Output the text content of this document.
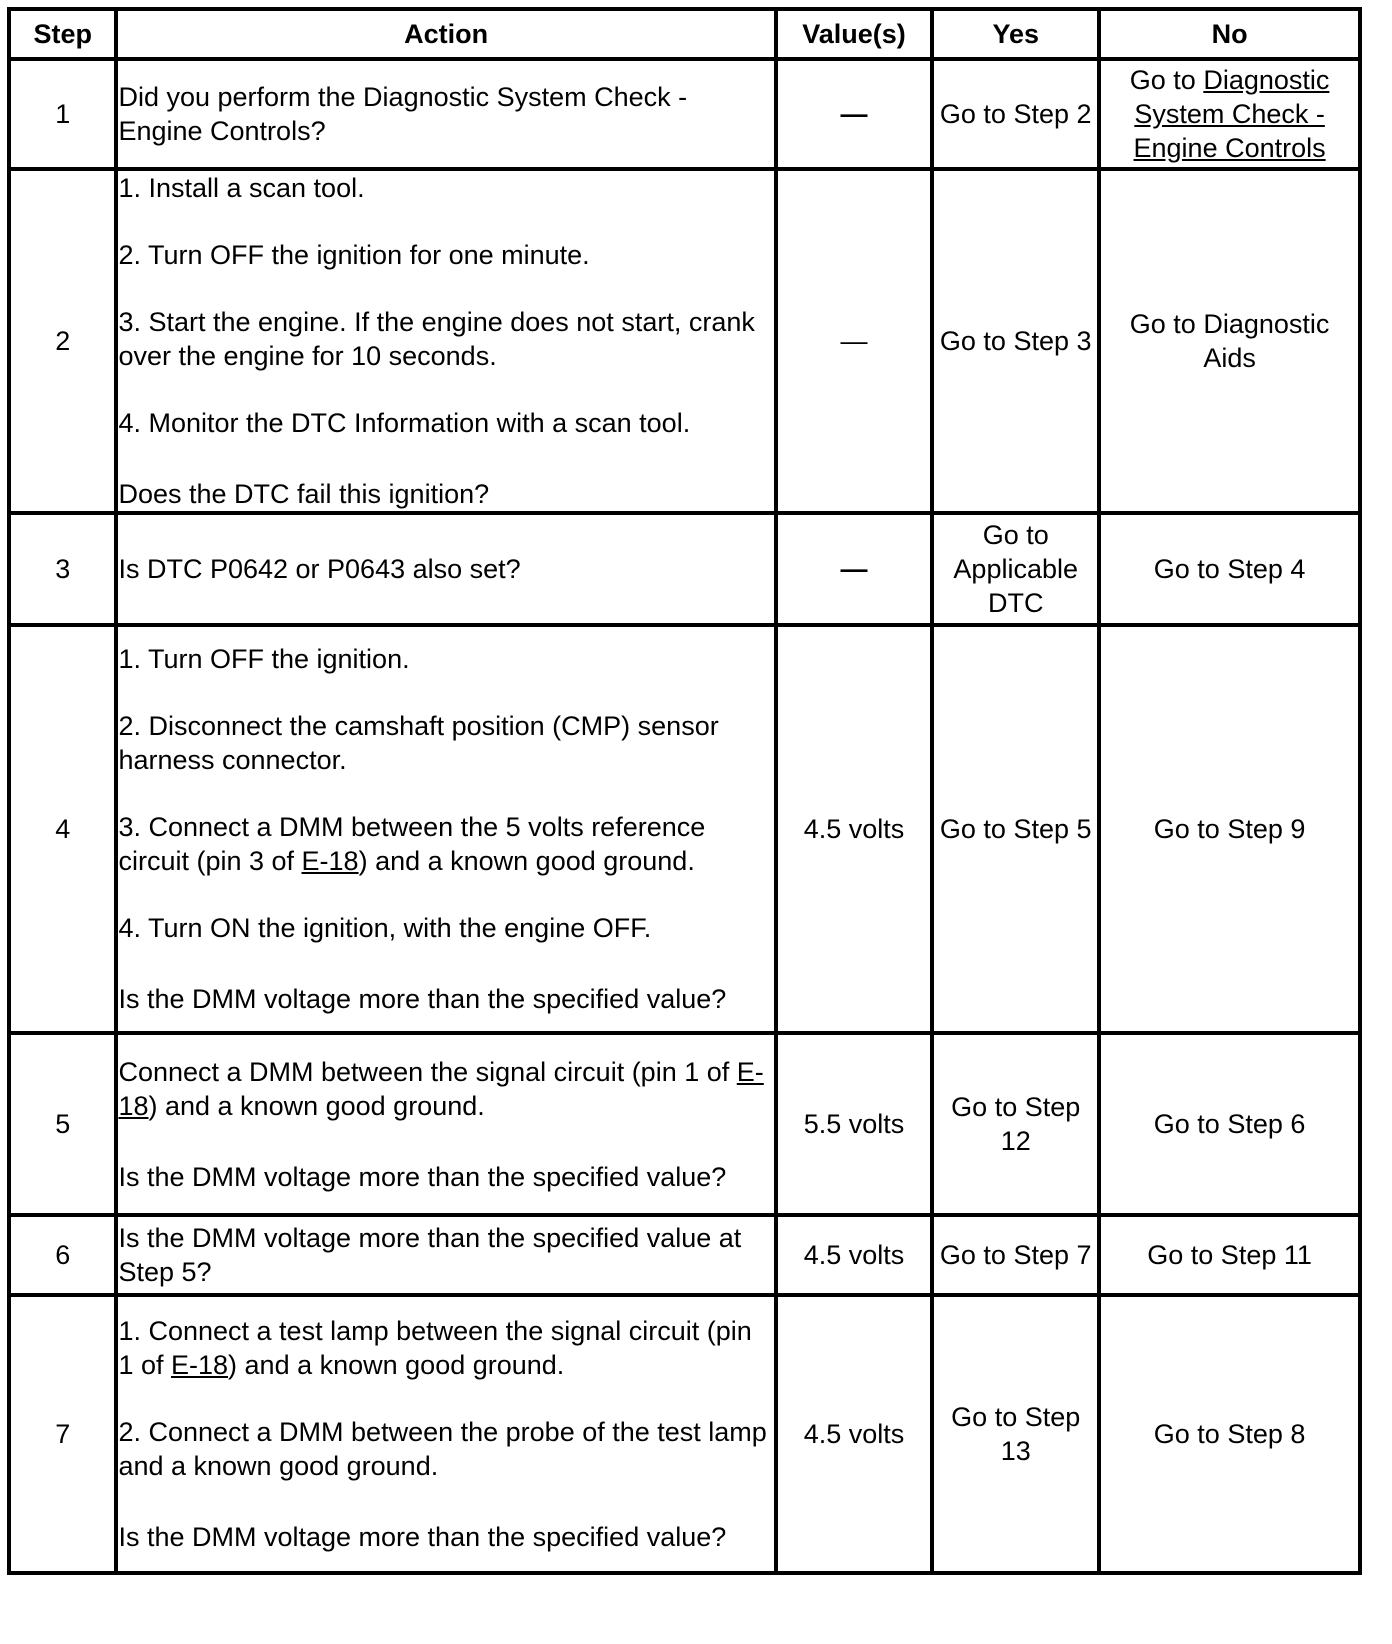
Step	Action	Value(s)	Yes	No
1	Did you perform the Diagnostic System Check - Engine Controls?	—	Go to Step 2	Go to Diagnostic System Check - Engine Controls
2	1. Install a scan tool.

2. Turn OFF the ignition for one minute.

3. Start the engine. If the engine does not start, crank over the engine for 10 seconds.

4. Monitor the DTC Information with a scan tool.

Does the DTC fail this ignition?	—	Go to Step 3	Go to Diagnostic Aids
3	Is DTC P0642 or P0643 also set?	—	Go to Applicable DTC	Go to Step 4
4	1. Turn OFF the ignition.

2. Disconnect the camshaft position (CMP) sensor harness connector.

3. Connect a DMM between the 5 volts reference circuit (pin 3 of E-18) and a known good ground.

4. Turn ON the ignition, with the engine OFF.

Is the DMM voltage more than the specified value?	4.5 volts	Go to Step 5	Go to Step 9
5	Connect a DMM between the signal circuit (pin 1 of E-18) and a known good ground.

Is the DMM voltage more than the specified value?	5.5 volts	Go to Step 12	Go to Step 6
6	Is the DMM voltage more than the specified value at Step 5?	4.5 volts	Go to Step 7	Go to Step 11
7	1. Connect a test lamp between the signal circuit (pin 1 of E-18) and a known good ground.

2. Connect a DMM between the probe of the test lamp and a known good ground.

Is the DMM voltage more than the specified value?	4.5 volts	Go to Step 13	Go to Step 8
